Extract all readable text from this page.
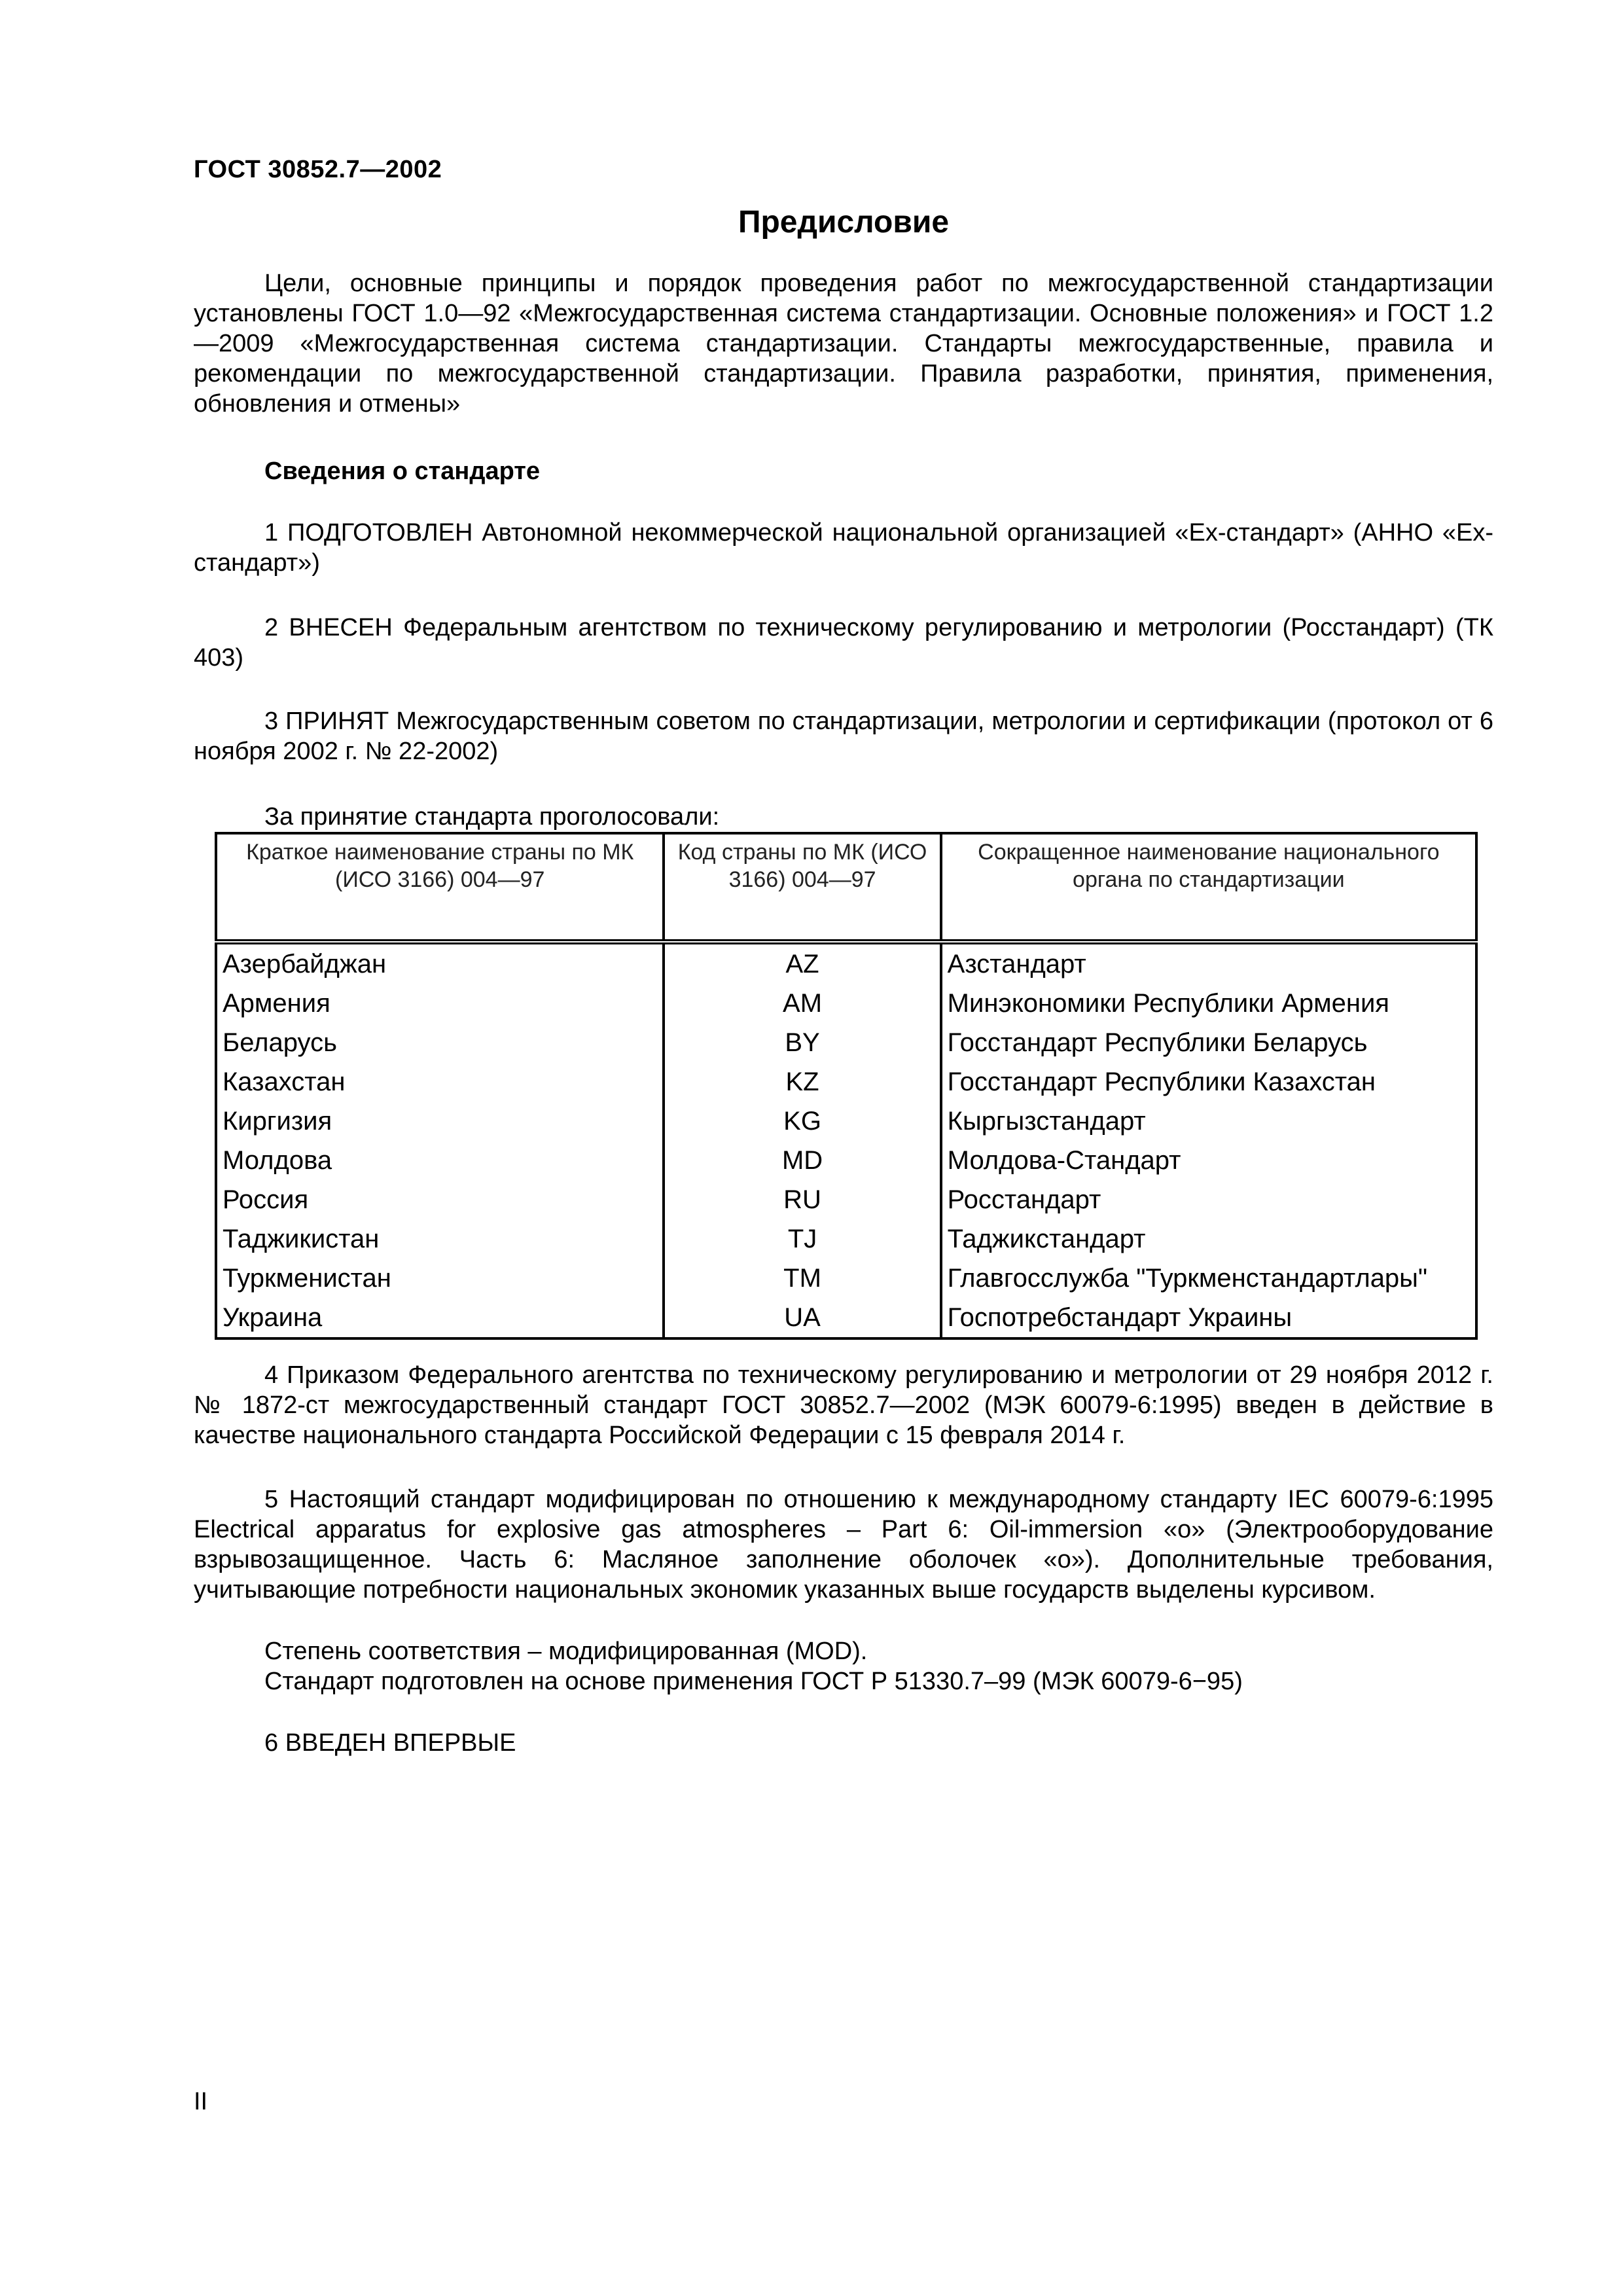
ГОСТ 30852.7—2002
Предисловие
Цели, основные принципы и порядок проведения работ по межгосударственной стандартизации установлены ГОСТ 1.0—92 «Межгосударственная система стандартизации. Основные положения» и ГОСТ 1.2—2009 «Межгосударственная система стандартизации. Стандарты межгосударственные, правила и рекомендации по межгосударственной стандартизации. Правила разработки, принятия, применения, обновления и отмены»
Сведения о стандарте
1 ПОДГОТОВЛЕН Автономной некоммерческой национальной организацией «Ех-стандарт» (АННО «Ех-стандарт»)
2 ВНЕСЕН Федеральным агентством по техническому регулированию и метрологии (Росстандарт) (ТК 403)
3 ПРИНЯТ Межгосударственным советом по стандартизации, метрологии и сертификации (протокол от 6 ноября 2002 г. № 22-2002)
За принятие стандарта проголосовали:
Краткое наименование страны по МК (ИСО 3166) 004—97	Код страны по МК (ИСО 3166) 004—97	Сокращенное наименование национального органа по стандартизации
Азербайджан	AZ	Азстандарт
Армения	AM	Минэкономики Республики Армения
Беларусь	BY	Госстандарт Республики Беларусь
Казахстан	KZ	Госстандарт Республики Казахстан
Киргизия	KG	Кыргызстандарт
Молдова	MD	Молдова-Стандарт
Россия	RU	Росстандарт
Таджикистан	TJ	Таджикстандарт
Туркменистан	TM	Главгосслужба "Туркменстандартлары"
Украина	UA	Госпотребстандарт Украины
4 Приказом Федерального агентства по техническому регулированию и метрологии от 29 ноября 2012 г. № 1872-ст межгосударственный стандарт ГОСТ 30852.7—2002 (МЭК 60079-6:1995) введен в действие в качестве национального стандарта Российской Федерации с 15 февраля 2014 г.
5 Настоящий стандарт модифицирован по отношению к международному стандарту IEC 60079-6:1995 Electrical apparatus for explosive gas atmospheres – Part 6: Oil-immersion «o» (Электрооборудование взрывозащищенное. Часть 6: Масляное заполнение оболочек «о»). Дополнительные требования, учитывающие потребности национальных экономик указанных выше государств выделены курсивом.
Степень соответствия – модифицированная (MOD).
Стандарт подготовлен на основе применения ГОСТ Р 51330.7–99 (МЭК 60079-6−95)
6 ВВЕДЕН ВПЕРВЫЕ
II
